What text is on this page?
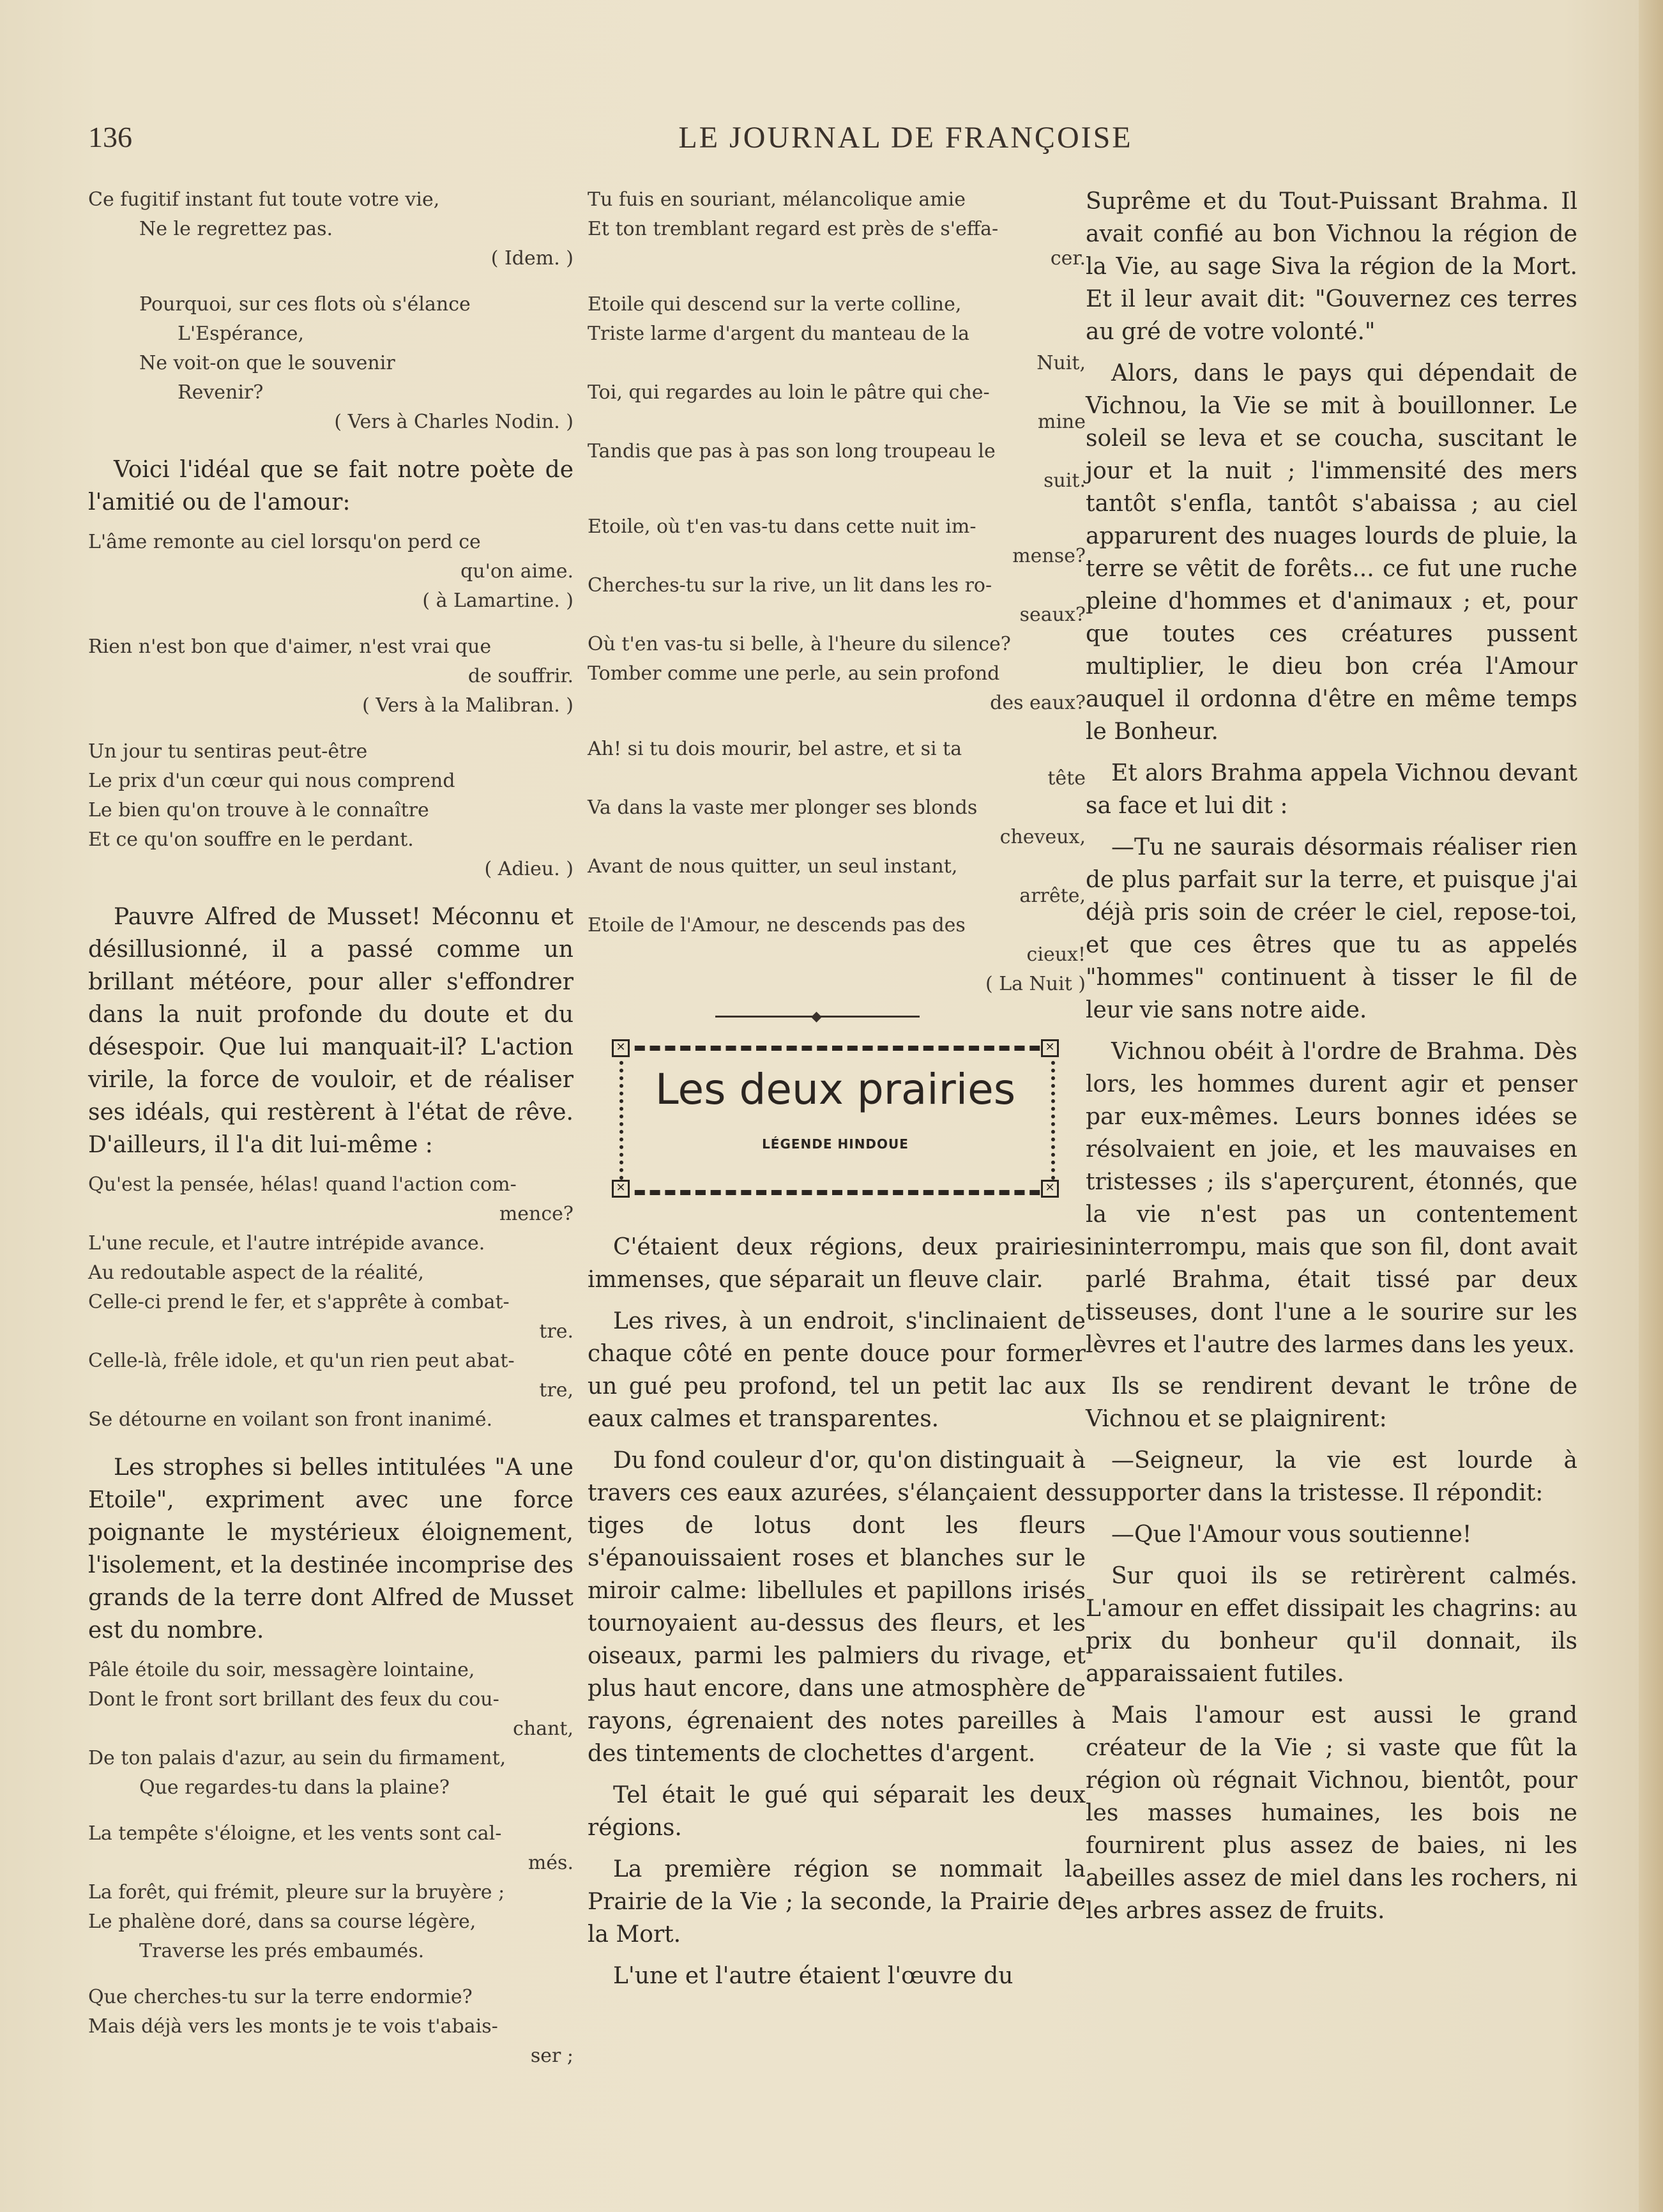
136	LE JOURNAL DE FRANÇOISE
Ce fugitif instant fut toute votre vie,
Ne le regrettez pas.
( Idem. )
Pourquoi, sur ces flots où s'élance
L'Espérance,
Ne voit-on que le souvenir
Revenir?
( Vers à Charles Nodin. )

Voici l'idéal que se fait notre poète de l'amitié ou de l'amour:

L'âme remonte au ciel lorsqu'on perd ce
qu'on aime.
( à Lamartine. )
Rien n'est bon que d'aimer, n'est vrai que
de souffrir.
( Vers à la Malibran. )
Un jour tu sentiras peut-être
Le prix d'un cœur qui nous comprend
Le bien qu'on trouve à le connaître
Et ce qu'on souffre en le perdant.
( Adieu. )

Pauvre Alfred de Musset! Méconnu et désillusionné, il a passé comme un brillant météore, pour aller s'effondrer dans la nuit profonde du doute et du désespoir. Que lui manquait-il? L'action virile, la force de vouloir, et de réaliser ses idéals, qui restèrent à l'état de rêve. D'ailleurs, il l'a dit lui-même :

Qu'est la pensée, hélas! quand l'action com-
mence?
L'une recule, et l'autre intrépide avance.
Au redoutable aspect de la réalité,
Celle-ci prend le fer, et s'apprête à combat-
tre.
Celle-là, frêle idole, et qu'un rien peut abat-
tre,
Se détourne en voilant son front inanimé.

Les strophes si belles intitulées "A une Etoile", expriment avec une force poignante le mystérieux éloignement, l'isolement, et la destinée incomprise des grands de la terre dont Alfred de Musset est du nombre.

Pâle étoile du soir, messagère lointaine,
Dont le front sort brillant des feux du cou-
chant,
De ton palais d'azur, au sein du firmament,
Que regardes-tu dans la plaine?
La tempête s'éloigne, et les vents sont cal-
més.
La forêt, qui frémit, pleure sur la bruyère ;
Le phalène doré, dans sa course légère,
Traverse les prés embaumés.
Que cherches-tu sur la terre endormie?
Mais déjà vers les monts je te vois t'abais-
ser ;
Tu fuis en souriant, mélancolique amie
Et ton tremblant regard est près de s'effa-
cer.
Etoile qui descend sur la verte colline,
Triste larme d'argent du manteau de la
Nuit,
Toi, qui regardes au loin le pâtre qui che-
mine
Tandis que pas à pas son long troupeau le
suit.
Etoile, où t'en vas-tu dans cette nuit im-
mense?
Cherches-tu sur la rive, un lit dans les ro-
seaux?
Où t'en vas-tu si belle, à l'heure du silence?
Tomber comme une perle, au sein profond
des eaux?
Ah! si tu dois mourir, bel astre, et si ta
tête
Va dans la vaste mer plonger ses blonds
cheveux,
Avant de nous quitter, un seul instant,
arrête,
Etoile de l'Amour, ne descends pas des
cieux!
( La Nuit )
◆
✕	✕
✕	✕
Les deux prairies
LÉGENDE HINDOUE

C'étaient deux régions, deux prairies immenses, que séparait un fleuve clair.

Les rives, à un endroit, s'inclinaient de chaque côté en pente douce pour former un gué peu profond, tel un petit lac aux eaux calmes et transparentes.

Du fond couleur d'or, qu'on distinguait à travers ces eaux azurées, s'élançaient des tiges de lotus dont les fleurs s'épanouissaient roses et blanches sur le miroir calme: libellules et papillons irisés tournoyaient au-dessus des fleurs, et les oiseaux, parmi les palmiers du rivage, et plus haut encore, dans une atmosphère de rayons, égrenaient des notes pareilles à des tintements de clochettes d'argent.

Tel était le gué qui séparait les deux régions.

La première région se nommait la Prairie de la Vie ; la seconde, la Prairie de la Mort.

L'une et l'autre étaient l'œuvre du

Suprême et du Tout-Puissant Brahma. Il avait confié au bon Vichnou la région de la Vie, au sage Siva la région de la Mort. Et il leur avait dit: "Gouvernez ces terres au gré de votre volonté."

Alors, dans le pays qui dépendait de Vichnou, la Vie se mit à bouillonner. Le soleil se leva et se coucha, suscitant le jour et la nuit ; l'immensité des mers tantôt s'enfla, tantôt s'abaissa ; au ciel apparurent des nuages lourds de pluie, la terre se vêtit de forêts... ce fut une ruche pleine d'hommes et d'animaux ; et, pour que toutes ces créatures pussent multiplier, le dieu bon créa l'Amour auquel il ordonna d'être en même temps le Bonheur.

Et alors Brahma appela Vichnou devant sa face et lui dit :

—Tu ne saurais désormais réaliser rien de plus parfait sur la terre, et puisque j'ai déjà pris soin de créer le ciel, repose-toi, et que ces êtres que tu as appelés "hommes" continuent à tisser le fil de leur vie sans notre aide.

Vichnou obéit à l'ordre de Brahma. Dès lors, les hommes durent agir et penser par eux-mêmes. Leurs bonnes idées se résolvaient en joie, et les mauvaises en tristesses ; ils s'aperçurent, étonnés, que la vie n'est pas un contentement ininterrompu, mais que son fil, dont avait parlé Brahma, était tissé par deux tisseuses, dont l'une a le sourire sur les lèvres et l'autre des larmes dans les yeux.

Ils se rendirent devant le trône de Vichnou et se plaignirent:

—Seigneur, la vie est lourde à supporter dans la tristesse. Il répondit:

—Que l'Amour vous soutienne!

Sur quoi ils se retirèrent calmés. L'amour en effet dissipait les chagrins: au prix du bonheur qu'il donnait, ils apparaissaient futiles.

Mais l'amour est aussi le grand créateur de la Vie ; si vaste que fût la région où régnait Vichnou, bientôt, pour les masses humaines, les bois ne fournirent plus assez de baies, ni les abeilles assez de miel dans les rochers, ni les arbres assez de fruits.
